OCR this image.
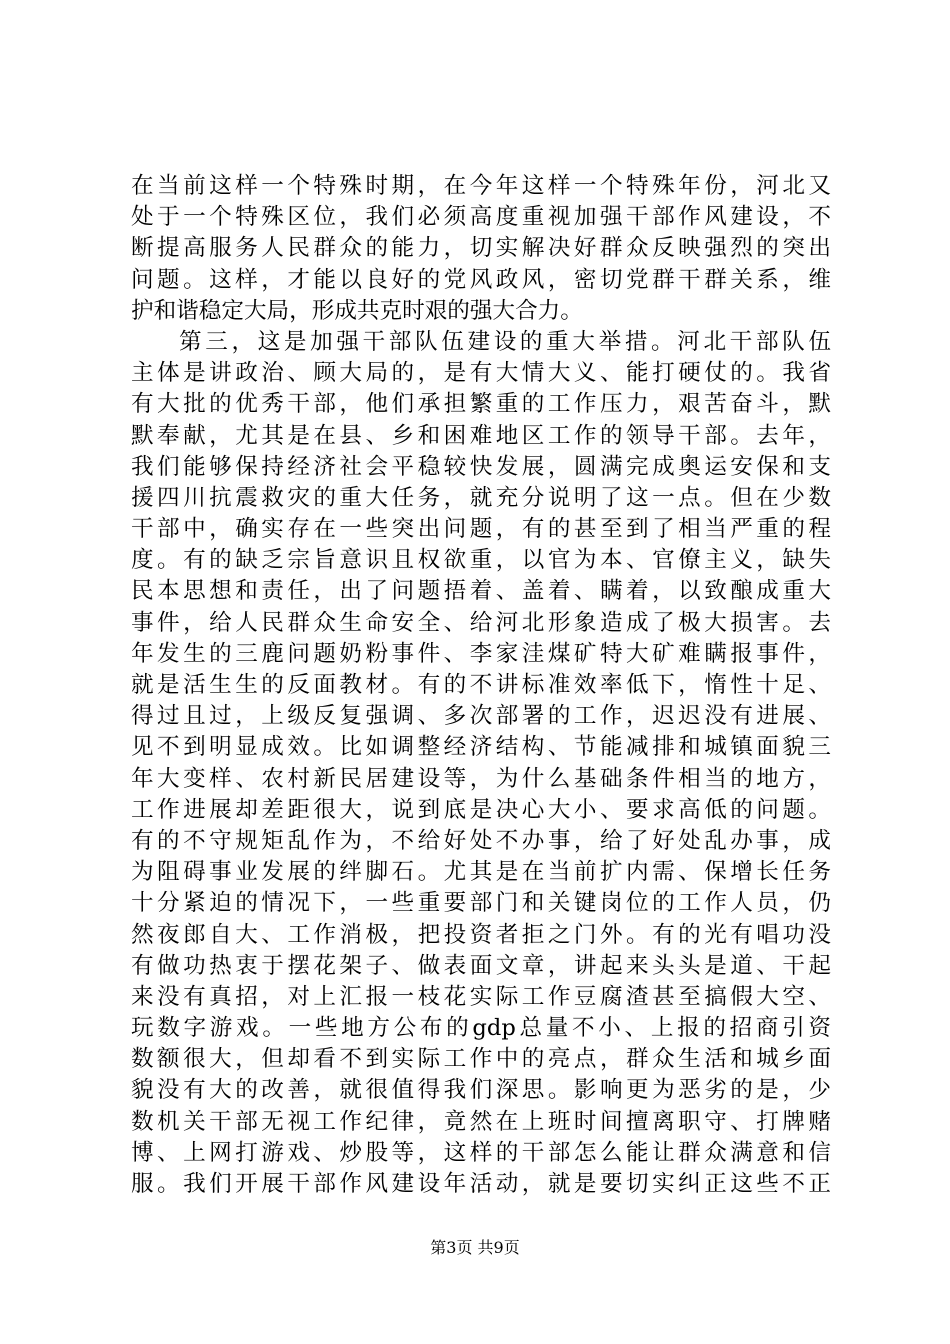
在当前这样一个特殊时期，在今年这样一个特殊年份，河北又
处于一个特殊区位，我们必须高度重视加强干部作风建设，不
断提高服务人民群众的能力，切实解决好群众反映强烈的突出
问题。这样，才能以良好的党风政风，密切党群干群关系，维
护和谐稳定大局，形成共克时艰的强大合力。
第三，这是加强干部队伍建设的重大举措。河北干部队伍
主体是讲政治、顾大局的，是有大情大义、能打硬仗的。我省
有大批的优秀干部，他们承担繁重的工作压力，艰苦奋斗，默
默奉献，尤其是在县、乡和困难地区工作的领导干部。去年，
我们能够保持经济社会平稳较快发展，圆满完成奥运安保和支
援四川抗震救灾的重大任务，就充分说明了这一点。但在少数
干部中，确实存在一些突出问题，有的甚至到了相当严重的程
度。有的缺乏宗旨意识且权欲重，以官为本、官僚主义，缺失
民本思想和责任，出了问题捂着、盖着、瞒着，以致酿成重大
事件，给人民群众生命安全、给河北形象造成了极大损害。去
年发生的三鹿问题奶粉事件、李家洼煤矿特大矿难瞒报事件，
就是活生生的反面教材。有的不讲标准效率低下，惰性十足、
得过且过，上级反复强调、多次部署的工作，迟迟没有进展、
见不到明显成效。比如调整经济结构、节能减排和城镇面貌三
年大变样、农村新民居建设等，为什么基础条件相当的地方，
工作进展却差距很大，说到底是决心大小、要求高低的问题。
有的不守规矩乱作为，不给好处不办事，给了好处乱办事，成
为阻碍事业发展的绊脚石。尤其是在当前扩内需、保增长任务
十分紧迫的情况下，一些重要部门和关键岗位的工作人员，仍
然夜郎自大、工作消极，把投资者拒之门外。有的光有唱功没
有做功热衷于摆花架子、做表面文章，讲起来头头是道、干起
来没有真招，对上汇报一枝花实际工作豆腐渣甚至搞假大空、
玩数字游戏。一些地方公布的gdp总量不小、上报的招商引资
数额很大，但却看不到实际工作中的亮点，群众生活和城乡面
貌没有大的改善，就很值得我们深思。影响更为恶劣的是，少
数机关干部无视工作纪律，竟然在上班时间擅离职守、打牌赌
博、上网打游戏、炒股等，这样的干部怎么能让群众满意和信
服。我们开展干部作风建设年活动，就是要切实纠正这些不正
第3页 共9页
